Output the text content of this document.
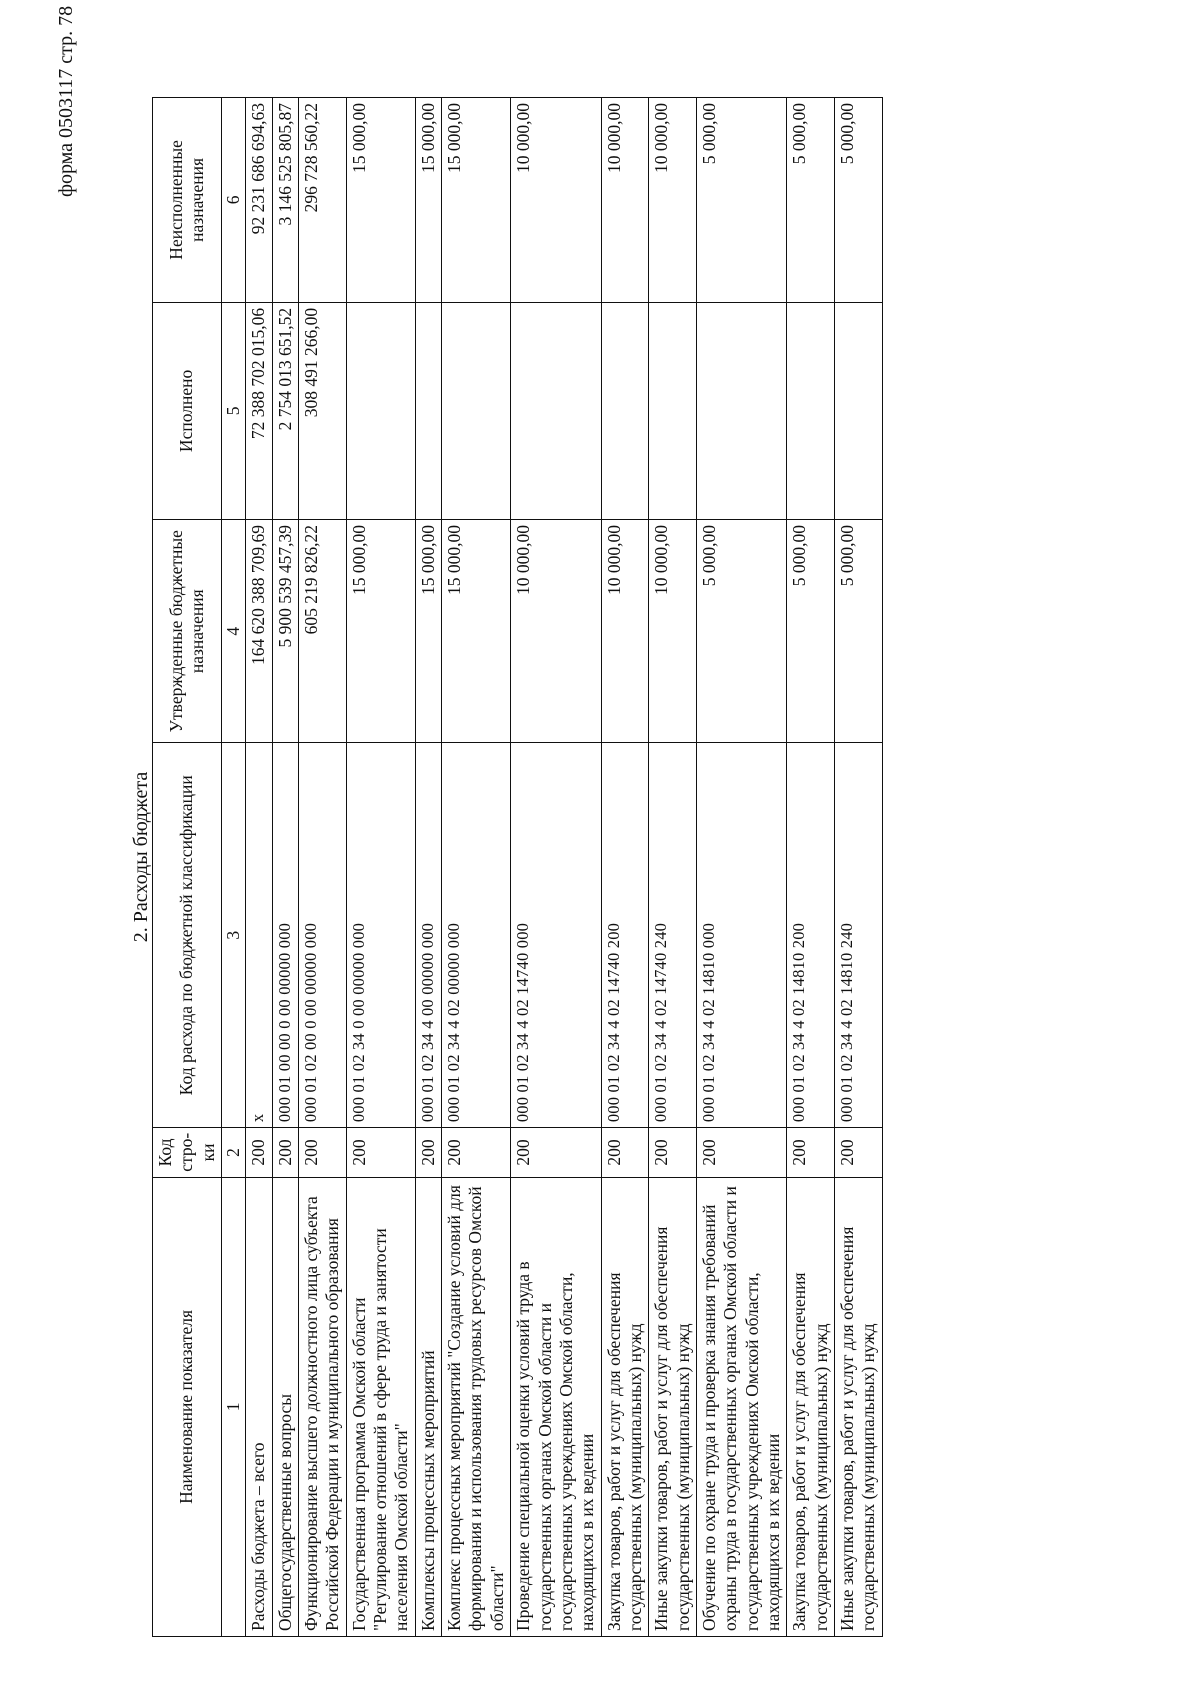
форма 0503117 стр. 78
2. Расходы бюджета
Наименование показателя	Код стро-ки	Код расхода по бюджетной классификации	Утвержденные бюджетные назначения	Исполнено	Неисполненные назначения
1	2	3	4	5	6
Расходы бюджета – всего	200	x	164 620 388 709,69	72 388 702 015,06	92 231 686 694,63
Общегосударственные вопросы	200	000 01 00 00 0 00 00000 000	5 900 539 457,39	2 754 013 651,52	3 146 525 805,87
Функционирование высшего должностного лица субъекта Российской Федерации и муниципального образования	200	000 01 02 00 0 00 00000 000	605 219 826,22	308 491 266,00	296 728 560,22
Государственная программа Омской области "Регулирование отношений в сфере труда и занятости населения Омской области"	200	000 01 02 34 0 00 00000 000	15 000,00		15 000,00
Комплексы процессных мероприятий	200	000 01 02 34 4 00 00000 000	15 000,00		15 000,00
Комплекс процессных мероприятий "Создание условий для формирования и использования трудовых ресурсов Омской области"	200	000 01 02 34 4 02 00000 000	15 000,00		15 000,00
Проведение специальной оценки условий труда в государственных органах Омской области и государственных учреждениях Омской области, находящихся в их ведении	200	000 01 02 34 4 02 14740 000	10 000,00		10 000,00
Закупка товаров, работ и услуг для обеспечения государственных (муниципальных) нужд	200	000 01 02 34 4 02 14740 200	10 000,00		10 000,00
Иные закупки товаров, работ и услуг для обеспечения государственных (муниципальных) нужд	200	000 01 02 34 4 02 14740 240	10 000,00		10 000,00
Обучение по охране труда и проверка знания требований охраны труда в государственных органах Омской области и государственных учреждениях Омской области, находящихся в их ведении	200	000 01 02 34 4 02 14810 000	5 000,00		5 000,00
Закупка товаров, работ и услуг для обеспечения государственных (муниципальных) нужд	200	000 01 02 34 4 02 14810 200	5 000,00		5 000,00
Иные закупки товаров, работ и услуг для обеспечения государственных (муниципальных) нужд	200	000 01 02 34 4 02 14810 240	5 000,00		5 000,00
